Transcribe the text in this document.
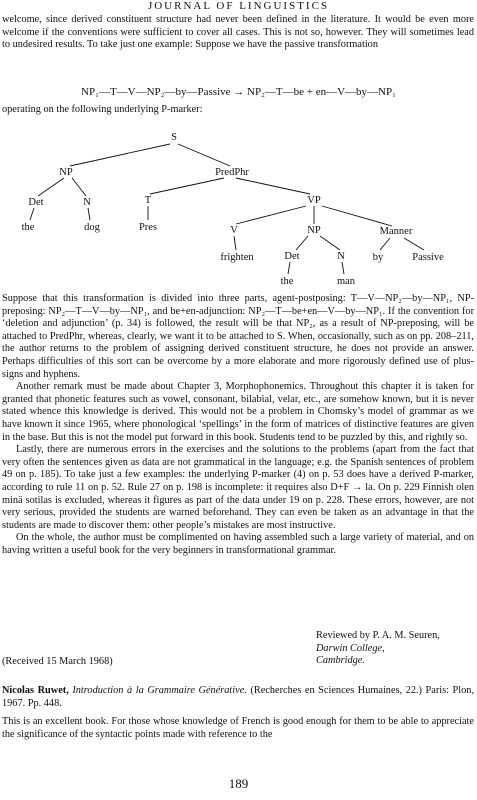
JOURNAL OF LINGUISTICS

welcome, since derived constituent structure had never been defined in the literature. It would be even more welcome if the conventions were sufficient to cover all cases. This is not so, however. They will sometimes lead to undesired results. To take just one example: Suppose we have the passive transformation

NP₁—T—V—NP₂—by—Passive → NP₂—T—be + en—V—by—NP₁

operating on the following underlying P-marker:

S
NP	PredPhr
Det	N
the	dog
T	VP
Pres	V	NP	Manner
frighten	Det	N	by	Passive
the	man

Suppose that this transformation is divided into three parts, agent-postposing: T—V—NP₂—by—NP₁, NP-preposing: NP₂—T—V—by—NP₁, and be+en-adjunction: NP₂—T—be+en—V—by—NP₁. If the convention for ‘deletion and adjunction’ (p. 34) is followed, the result will be that NP₂, as a result of NP-preposing, will be attached to PredPhr, whereas, clearly, we want it to be attached to S. When, occasionally, such as on pp. 208–211, the author returns to the problem of assigning derived constituent structure, he does not provide an answer. Perhaps difficulties of this sort can be overcome by a more elaborate and more rigorously defined use of plus-signs and hyphens.

Another remark must be made about Chapter 3, Morphophonemics. Throughout this chapter it is taken for granted that phonetic features such as vowel, consonant, bilabial, velar, etc., are somehow known, but it is never stated whence this knowledge is derived. This would not be a problem in Chomsky’s model of grammar as we have known it since 1965, where phonological ‘spellings’ in the form of matrices of distinctive features are given in the base. But this is not the model put forward in this book. Students tend to be puzzled by this, and rightly so.

Lastly, there are numerous errors in the exercises and the solutions to the problems (apart from the fact that very often the sentences given as data are not grammatical in the language; e.g. the Spanish sentences of problem 49 on p. 185). To take just a few examples: the underlying P-marker (4) on p. 53 does have a derived P-marker, according to rule 11 on p. 52. Rule 27 on p. 198 is incomplete: it requires also D+F → la. On p. 229 Finnish olen minä sotilas is excluded, whereas it figures as part of the data under 19 on p. 228. These errors, however, are not very serious, provided the students are warned beforehand. They can even be taken as an advantage in that the students are made to discover them: other people’s mistakes are most instructive.

On the whole, the author must be complimented on having assembled such a large variety of material, and on having written a useful book for the very beginners in transformational grammar.

Reviewed by P. A. M. Seuren,
Darwin College,
Cambridge.
(Received 15 March 1968)

Nicolas Ruwet, Introduction à la Grammaire Générative. (Recherches en Sciences Humaines, 22.) Paris: Plon, 1967. Pp. 448.

This is an excellent book. For those whose knowledge of French is good enough for them to be able to appreciate the significance of the syntactic points made with reference to the

189
